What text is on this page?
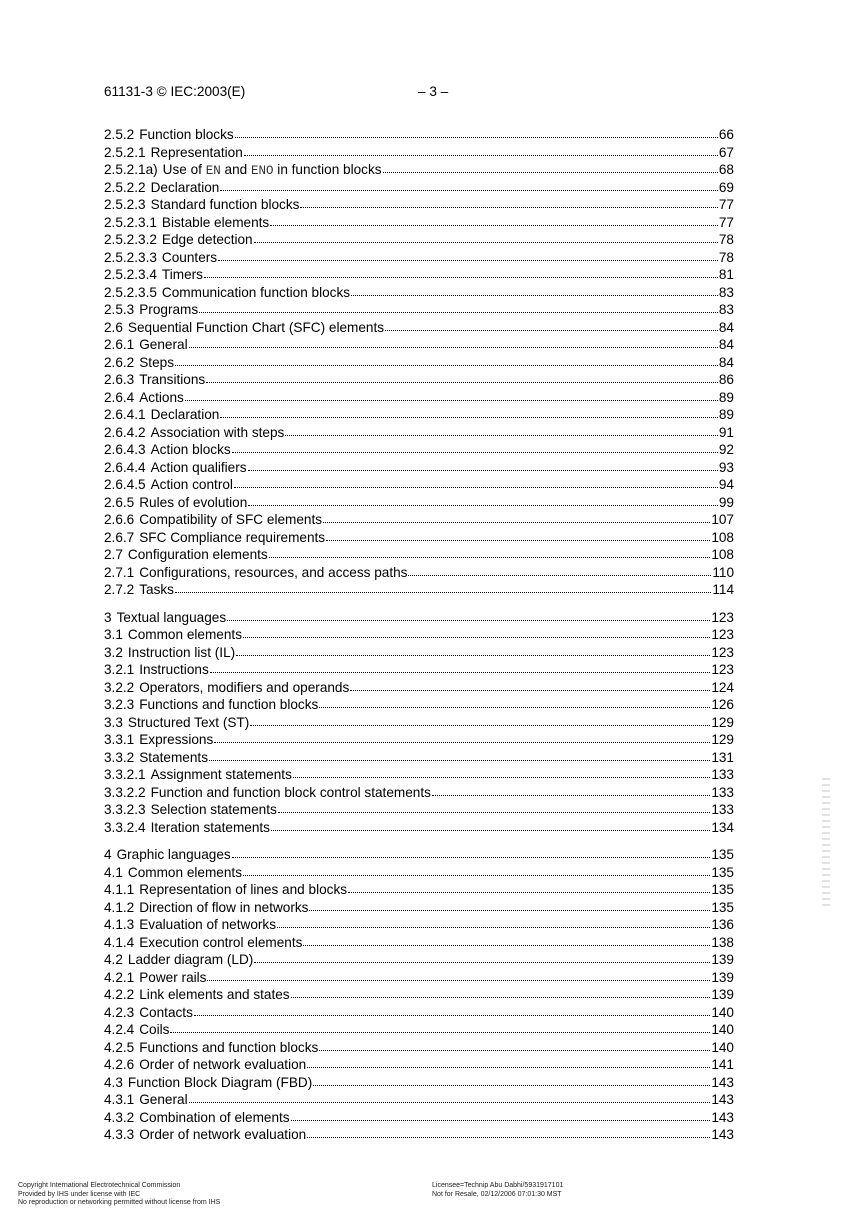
61131-3 © IEC:2003(E)	– 3 –
2.5.2 Function blocks	66
2.5.2.1 Representation	67
2.5.2.1a) Use of EN and ENO in function blocks	68
2.5.2.2 Declaration	69
2.5.2.3 Standard function blocks	77
2.5.2.3.1 Bistable elements	77
2.5.2.3.2 Edge detection	78
2.5.2.3.3 Counters	78
2.5.2.3.4 Timers	81
2.5.2.3.5 Communication function blocks	83
2.5.3 Programs	83
2.6 Sequential Function Chart (SFC) elements	84
2.6.1 General	84
2.6.2 Steps	84
2.6.3 Transitions	86
2.6.4 Actions	89
2.6.4.1 Declaration	89
2.6.4.2 Association with steps	91
2.6.4.3 Action blocks	92
2.6.4.4 Action qualifiers	93
2.6.4.5 Action control	94
2.6.5 Rules of evolution	99
2.6.6 Compatibility of SFC elements	107
2.6.7 SFC Compliance requirements	108
2.7 Configuration elements	108
2.7.1 Configurations, resources, and access paths	110
2.7.2 Tasks	114
3 Textual languages	123
3.1 Common elements	123
3.2 Instruction list (IL)	123
3.2.1 Instructions	123
3.2.2 Operators, modifiers and operands	124
3.2.3 Functions and function blocks	126
3.3 Structured Text (ST)	129
3.3.1 Expressions	129
3.3.2 Statements	131
3.3.2.1 Assignment statements	133
3.3.2.2 Function and function block control statements	133
3.3.2.3 Selection statements	133
3.3.2.4 Iteration statements	134
4 Graphic languages	135
4.1 Common elements	135
4.1.1 Representation of lines and blocks	135
4.1.2 Direction of flow in networks	135
4.1.3 Evaluation of networks	136
4.1.4 Execution control elements	138
4.2 Ladder diagram (LD)	139
4.2.1 Power rails	139
4.2.2 Link elements and states	139
4.2.3 Contacts	140
4.2.4 Coils	140
4.2.5 Functions and function blocks	140
4.2.6 Order of network evaluation	141
4.3 Function Block Diagram (FBD)	143
4.3.1 General	143
4.3.2 Combination of elements	143
4.3.3 Order of network evaluation	143
Copyright International Electrotechnical Commission
Provided by IHS under license with IEC
No reproduction or networking permitted without license from IHS
Licensee=Technip Abu Dabhi/5931917101
Not for Resale, 02/12/2006 07:01:30 MST
